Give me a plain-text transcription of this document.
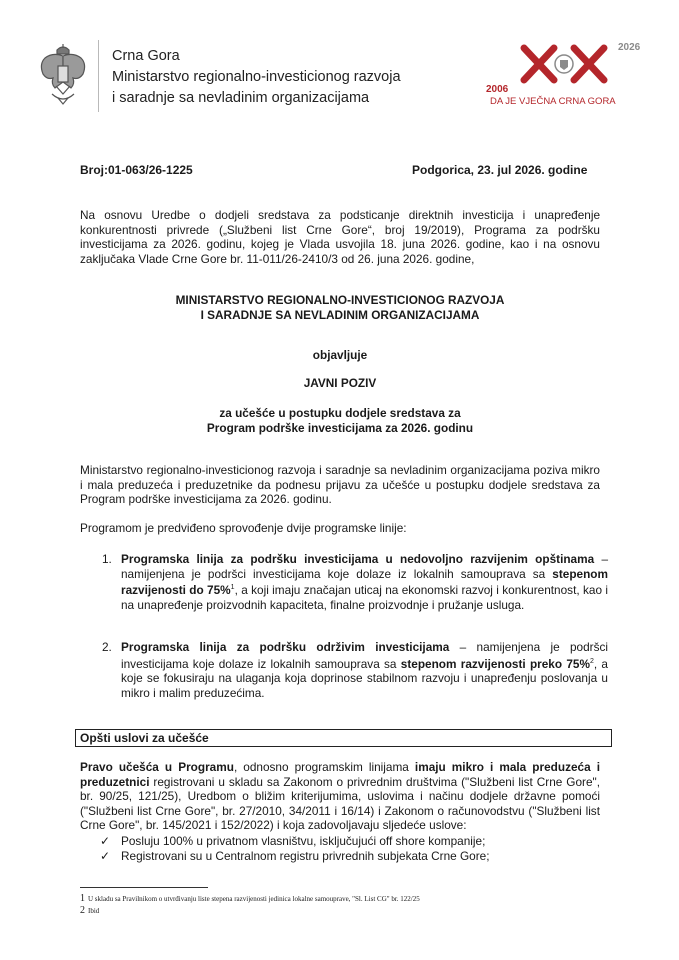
Crna Gora
Ministarstvo regionalno-investicionog razvoja
i saradnje sa nevladinim organizacijama
2026
2006
DA JE VJEČNA CRNA GORA
Broj:01-063/26-1225	Podgorica, 23. jul 2026. godine
Na osnovu Uredbe o dodjeli sredstava za podsticanje direktnih investicija i unapređenje konkurentnosti privrede („Službeni list Crne Gore“, broj 19/2019), Programa za podršku investicijama za 2026. godinu, kojeg je Vlada usvojila 18. juna 2026. godine, kao i na osnovu zaključaka Vlade Crne Gore br. 11-011/26-2410/3 od 26. juna 2026. godine,
MINISTARSTVO REGIONALNO-INVESTICIONOG RAZVOJA
I SARADNJE SA NEVLADINIM ORGANIZACIJAMA
objavljuje
JAVNI POZIV
za učešće u postupku dodjele sredstava za
Program podrške investicijama za 2026. godinu
Ministarstvo regionalno-investicionog razvoja i saradnje sa nevladinim organizacijama poziva mikro i mala preduzeća i preduzetnike da podnesu prijavu za učešće u postupku dodjele sredstava za Program podrške investicijama za 2026. godinu.
Programom je predviđeno sprovođenje dvije programske linije:
1. Programska linija za podršku investicijama u nedovoljno razvijenim opštinama – namijenjena je podršci investicijama koje dolaze iz lokalnih samouprava sa stepenom razvijenosti do 75%$^1$, a koji imaju značajan uticaj na ekonomski razvoj i konkurentnost, kao i na unapređenje proizvodnih kapaciteta, finalne proizvodnje i pružanje usluga.
2. Programska linija za podršku održivim investicijama – namijenjena je podršci investicijama koje dolaze iz lokalnih samouprava sa stepenom razvijenosti preko 75%$^2$, a koje se fokusiraju na ulaganja koja doprinose stabilnom razvoju i unapređenju poslovanja u mikro i malim preduzećima.
Opšti uslovi za učešće
Pravo učešća u Programu, odnosno programskim linijama imaju mikro i mala preduzeća i preduzetnici registrovani u skladu sa Zakonom o privrednim društvima ("Službeni list Crne Gore", br. 90/25, 121/25), Uredbom o bližim kriterijumima, uslovima i načinu dodjele državne pomoći ("Službeni list Crne Gore", br. 27/2010, 34/2011 i 16/14) i Zakonom o računovodstvu ("Službeni list Crne Gore", br. 145/2021 i 152/2022) i koja zadovoljavaju sljedeće uslove:
✓ Posluju 100% u privatnom vlasništvu, isključujući off shore kompanije;
✓ Registrovani su u Centralnom registru privrednih subjekata Crne Gore;
1 U skladu sa Pravilnikom o utvrđivanju liste stepena razvijenosti jedinica lokalne samouprave, "Sl. List CG" br. 122/25
2 Ibid
